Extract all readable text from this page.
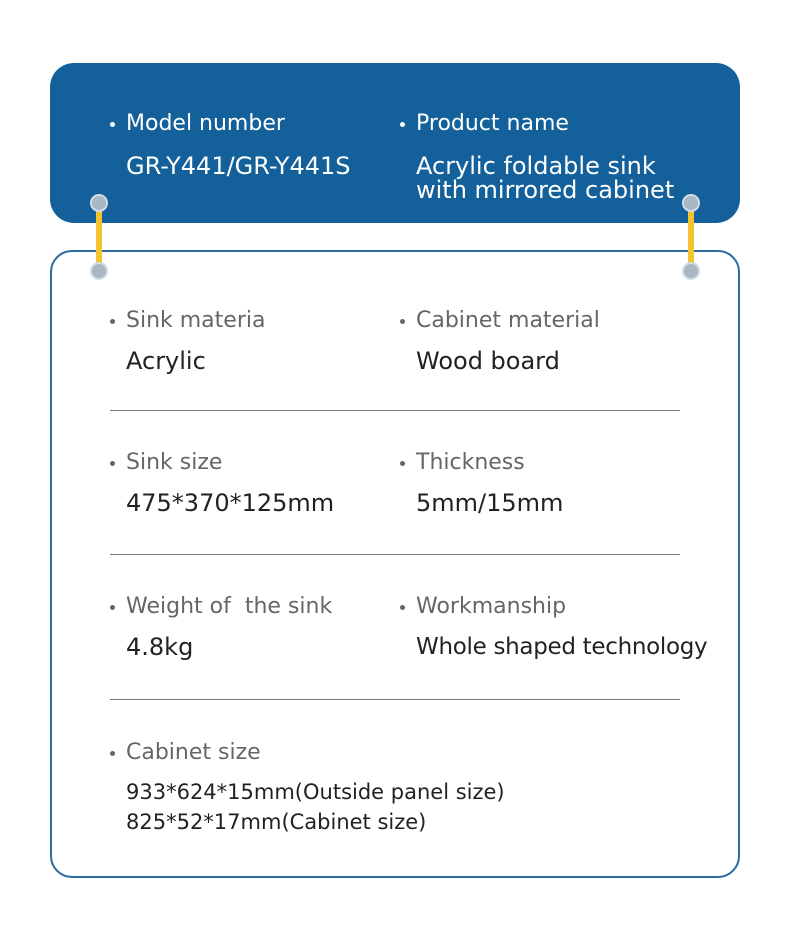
Model number
GR-Y441/GR-Y441S
Product name
Acrylic foldable sink
with mirrored cabinet
Sink materia
Acrylic
Cabinet material
Wood board
Sink size
475*370*125mm
Thickness
5mm/15mm
Weight of  the sink
4.8kg
Workmanship
Whole shaped technology
Cabinet size
933*624*15mm(Outside panel size)
825*52*17mm(Cabinet size)
